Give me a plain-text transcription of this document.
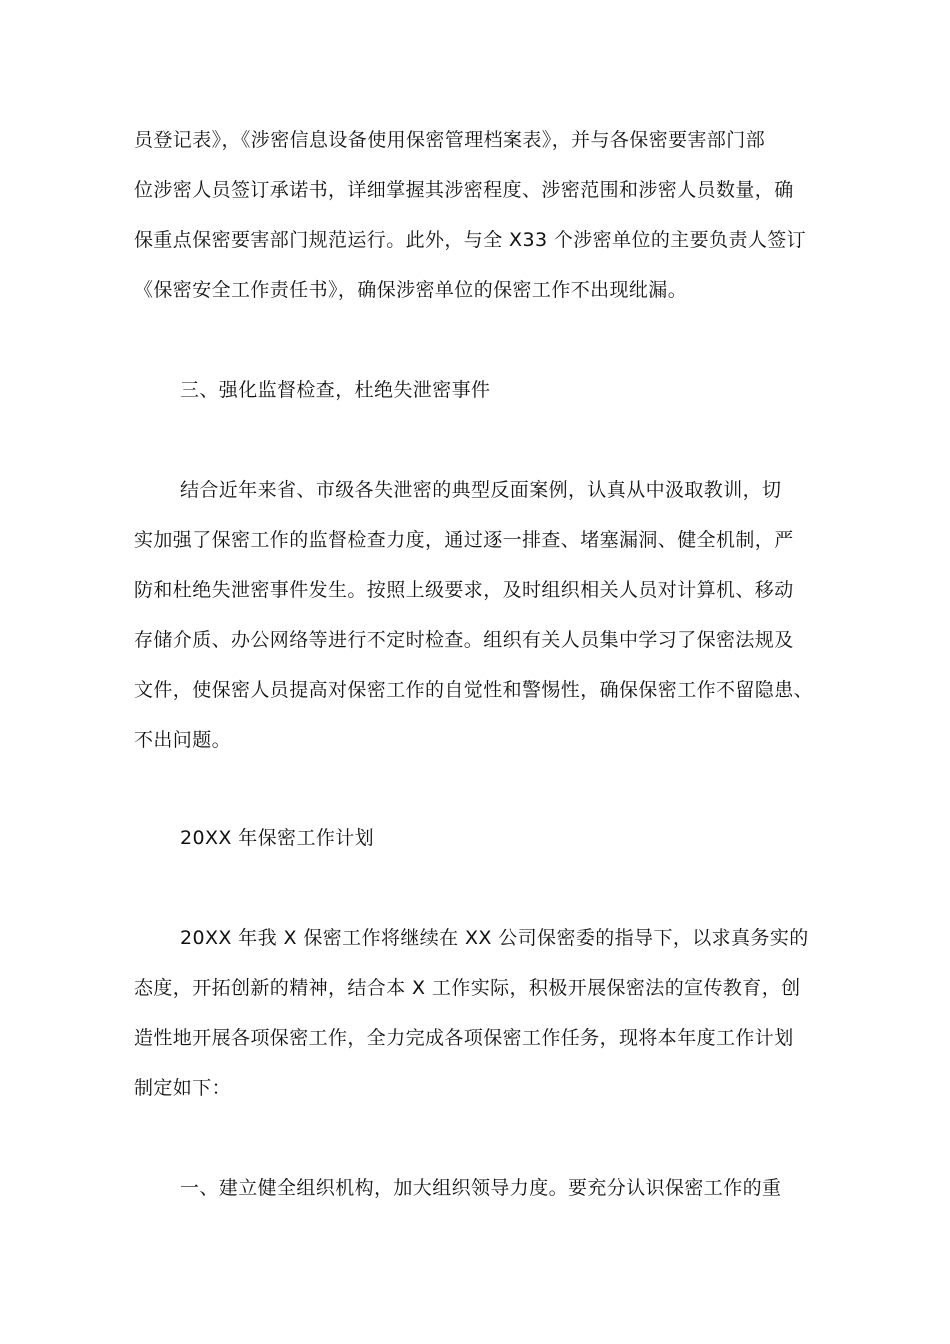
员登记表》，《涉密信息设备使用保密管理档案表》，并与各保密要害部门部
位涉密人员签订承诺书，详细掌握其涉密程度、涉密范围和涉密人员数量，确
保重点保密要害部门规范运行。此外，与全 X33 个涉密单位的主要负责人签订
《保密安全工作责任书》，确保涉密单位的保密工作不出现纰漏。
三、强化监督检查，杜绝失泄密事件
结合近年来省、市级各失泄密的典型反面案例，认真从中汲取教训，切
实加强了保密工作的监督检查力度，通过逐一排查、堵塞漏洞、健全机制，严
防和杜绝失泄密事件发生。按照上级要求，及时组织相关人员对计算机、移动
存储介质、办公网络等进行不定时检查。组织有关人员集中学习了保密法规及
文件，使保密人员提高对保密工作的自觉性和警惕性，确保保密工作不留隐患、
不出问题。
20XX 年保密工作计划
20XX 年我 X 保密工作将继续在 XX 公司保密委的指导下，以求真务实的
态度，开拓创新的精神，结合本 X 工作实际，积极开展保密法的宣传教育，创
造性地开展各项保密工作，全力完成各项保密工作任务，现将本年度工作计划
制定如下：
一、建立健全组织机构，加大组织领导力度。要充分认识保密工作的重
